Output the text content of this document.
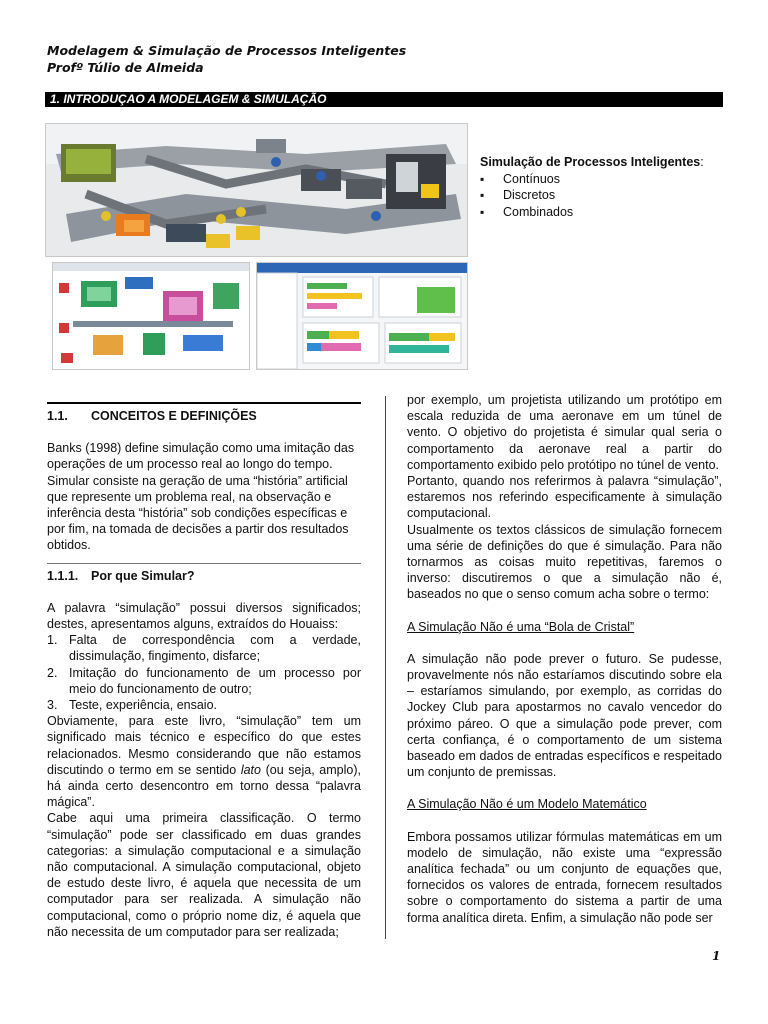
Modelagem & Simulação de Processos Inteligentes
Profº Túlio de Almeida
1. INTRODUÇAO A MODELAGEM & SIMULAÇÃO
Simulação de Processos Inteligentes:
▪ Contínuos
▪ Discretos
▪ Combinados
1.1.	CONCEITOS E DEFINIÇÕES

Banks (1998) define simulação como uma imitação das operações de um processo real ao longo do tempo. Simular consiste na geração de uma “história” artificial que represente um problema real, na observação e inferência desta “história” sob condições específicas e por fim, na tomada de decisões a partir dos resultados obtidos.

1.1.1.	Por que Simular?

A palavra “simulação” possui diversos significados; destes, apresentamos alguns, extraídos do Houaiss:

1. Falta de correspondência com a verdade, dissimulação, fingimento, disfarce;
2. Imitação do funcionamento de um processo por meio do funcionamento de outro;
3. Teste, experiência, ensaio.

Obviamente, para este livro, “simulação” tem um significado mais técnico e específico do que estes relacionados. Mesmo considerando que não estamos discutindo o termo em se sentido lato (ou seja, amplo), há ainda certo desencontro em torno dessa “palavra mágica”.

Cabe aqui uma primeira classificação. O termo “simulação” pode ser classificado em duas grandes categorias: a simulação computacional e a simulação não computacional. A simulação computacional, objeto de estudo deste livro, é aquela que necessita de um computador para ser realizada. A simulação não computacional, como o próprio nome diz, é aquela que não necessita de um computador para ser realizada;

por exemplo, um projetista utilizando um protótipo em escala reduzida de uma aeronave em um túnel de vento. O objetivo do projetista é simular qual seria o comportamento da aeronave real a partir do comportamento exibido pelo protótipo no túnel de vento.

Portanto, quando nos referirmos à palavra “simulação”, estaremos nos referindo especificamente à simulação computacional.

Usualmente os textos clássicos de simulação fornecem uma série de definições do que é simulação. Para não tornarmos as coisas muito repetitivas, faremos o inverso: discutiremos o que a simulação não é, baseados no que o senso comum acha sobre o termo:

A Simulação Não é uma “Bola de Cristal”

A simulação não pode prever o futuro. Se pudesse, provavelmente nós não estaríamos discutindo sobre ela – estaríamos simulando, por exemplo, as corridas do Jockey Club para apostarmos no cavalo vencedor do próximo páreo. O que a simulação pode prever, com certa confiança, é o comportamento de um sistema baseado em dados de entradas específicos e respeitado um conjunto de premissas.

A Simulação Não é um Modelo Matemático

Embora possamos utilizar fórmulas matemáticas em um modelo de simulação, não existe uma “expressão analítica fechada” ou um conjunto de equações que, fornecidos os valores de entrada, fornecem resultados sobre o comportamento do sistema a partir de uma forma analítica direta. Enfim, a simulação não pode ser

1
